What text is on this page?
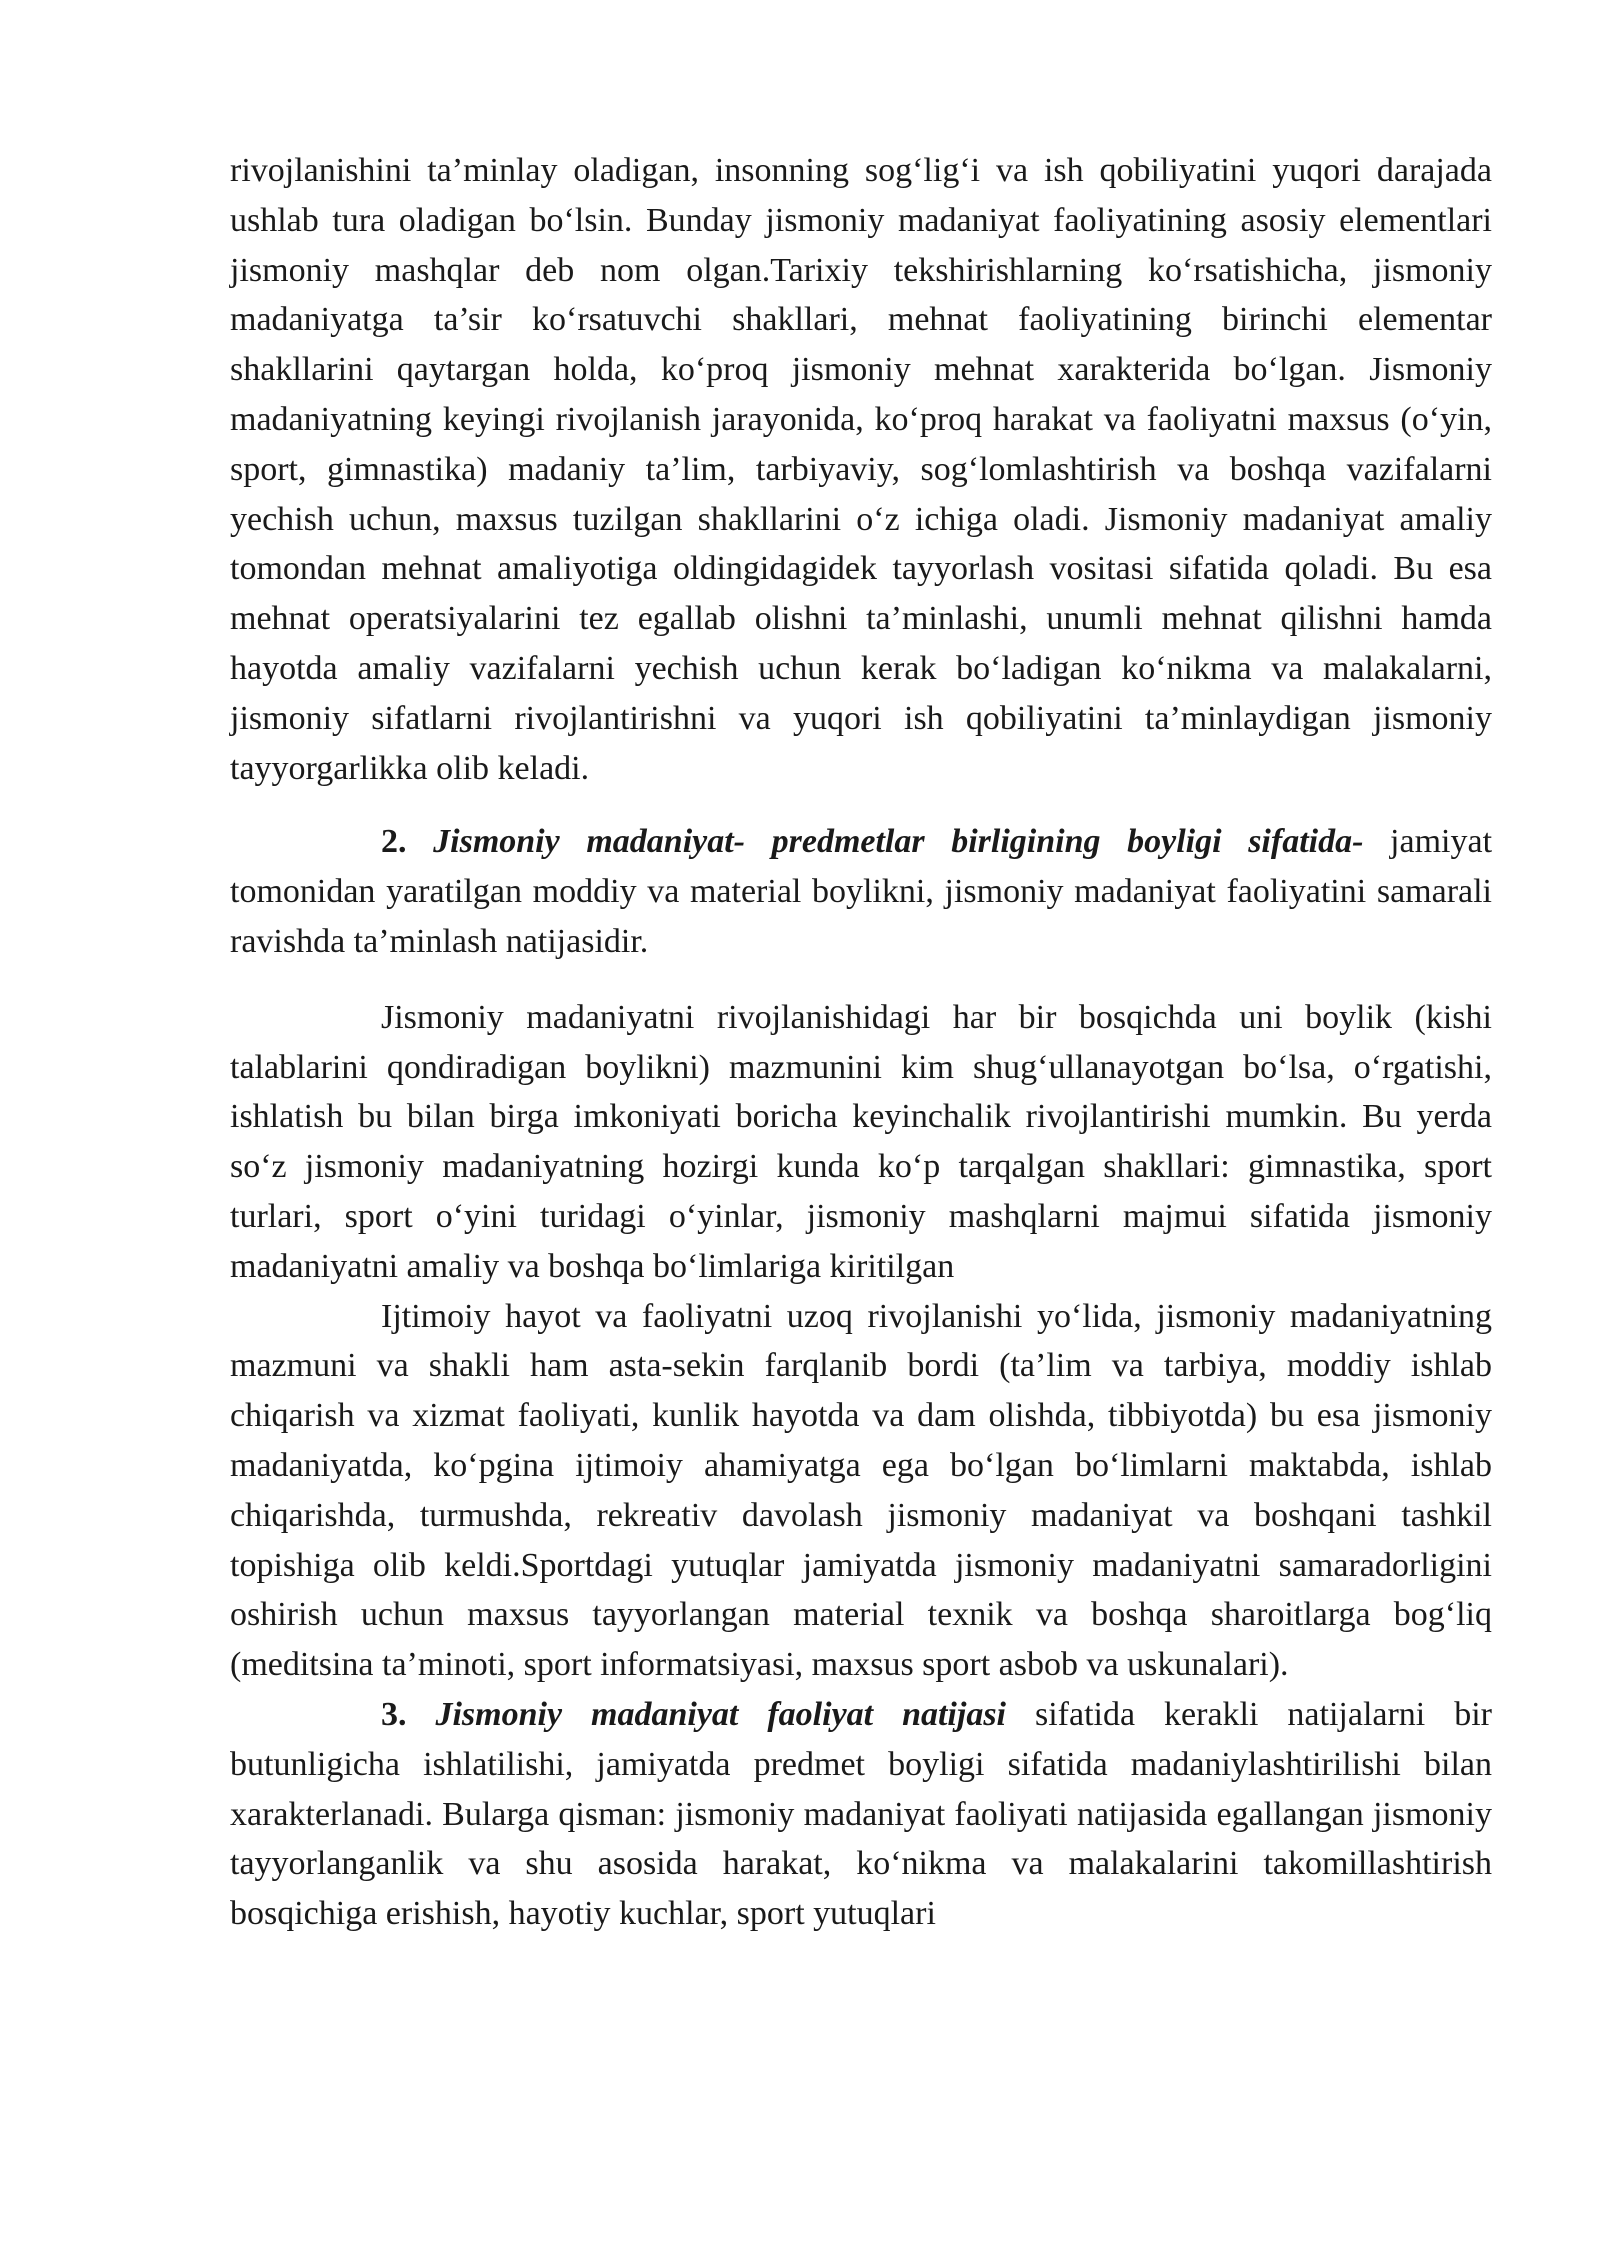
rivojlanishini ta’minlay oladigan, insonning sog‘lig‘i va ish qobiliyatini yuqori darajada ushlab tura oladigan bo‘lsin. Bunday jismoniy madaniyat faoliyatining asosiy elementlari jismoniy mashqlar deb nom olgan.Tarixiy tekshirishlarning ko‘rsatishicha, jismoniy madaniyatga ta’sir ko‘rsatuvchi shakllari, mehnat faoliyatining birinchi elementar shakllarini qaytargan holda, ko‘proq jismoniy mehnat xarakterida bo‘lgan. Jismoniy madaniyatning keyingi rivojlanish jarayonida, ko‘proq harakat va faoliyatni maxsus (o‘yin, sport, gimnastika) madaniy ta’lim, tarbiyaviy, sog‘lomlashtirish va boshqa vazifalarni yechish uchun, maxsus tuzilgan shakllarini o‘z ichiga oladi. Jismoniy madaniyat amaliy tomondan mehnat amaliyotiga oldingidagidek tayyorlash vositasi sifatida qoladi. Bu esa mehnat operatsiyalarini tez egallab olishni ta’minlashi, unumli mehnat qilishni hamda hayotda amaliy vazifalarni yechish uchun kerak bo‘ladigan ko‘nikma va malakalarni, jismoniy sifatlarni rivojlantirishni va yuqori ish qobiliyatini ta’minlaydigan jismoniy tayyorgarlikka olib keladi.

2. Jismoniy madaniyat- predmetlar birligining boyligi sifatida- jamiyat tomonidan yaratilgan moddiy va material boylikni, jismoniy madaniyat faoliyatini samarali ravishda ta’minlash natijasidir.

Jismoniy madaniyatni rivojlanishidagi har bir bosqichda uni boylik (kishi talablarini qondiradigan boylikni) mazmunini kim shug‘ullanayotgan bo‘lsa, o‘rgatishi, ishlatish bu bilan birga imkoniyati boricha keyinchalik rivojlantirishi mumkin. Bu yerda so‘z jismoniy madaniyatning hozirgi kunda ko‘p tarqalgan shakllari: gimnastika, sport turlari, sport o‘yini turidagi o‘yinlar, jismoniy mashqlarni majmui sifatida jismoniy madaniyatni amaliy va boshqa bo‘limlariga kiritilgan

Ijtimoiy hayot va faoliyatni uzoq rivojlanishi yo‘lida, jismoniy madaniyatning mazmuni va shakli ham asta-sekin farqlanib bordi (ta’lim va tarbiya, moddiy ishlab chiqarish va xizmat faoliyati, kunlik hayotda va dam olishda, tibbiyotda) bu esa jismoniy madaniyatda, ko‘pgina ijtimoiy ahamiyatga ega bo‘lgan bo‘limlarni maktabda, ishlab chiqarishda, turmushda, rekreativ davolash jismoniy madaniyat va boshqani tashkil topishiga olib keldi.Sportdagi yutuqlar jamiyatda jismoniy madaniyatni samaradorligini oshirish uchun maxsus tayyorlangan material texnik va boshqa sharoitlarga bog‘liq (meditsina ta’minoti, sport informatsiyasi, maxsus sport asbob va uskunalari).

3. Jismoniy madaniyat faoliyat natijasi sifatida kerakli natijalarni bir butunligicha ishlatilishi, jamiyatda predmet boyligi sifatida madaniylashtirilishi bilan xarakterlanadi. Bularga qisman: jismoniy madaniyat faoliyati natijasida egallangan jismoniy tayyorlanganlik va shu asosida harakat, ko‘nikma va malakalarini takomillashtirish bosqichiga erishish, hayotiy kuchlar, sport yutuqlari
